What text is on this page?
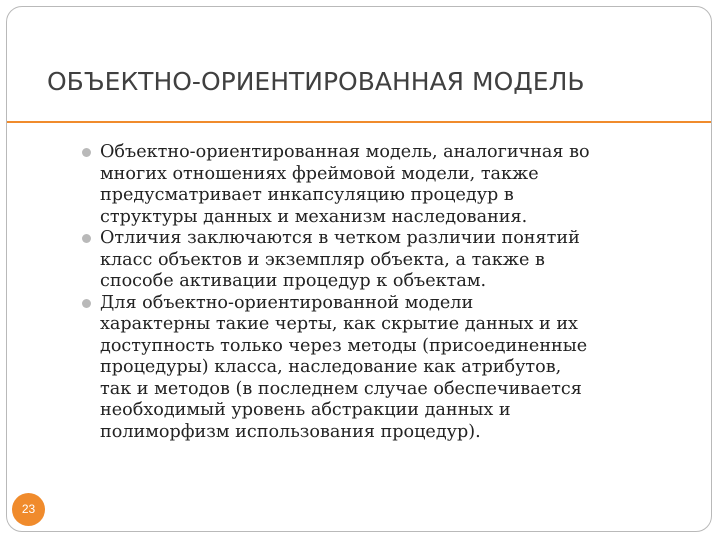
ОБЪЕКТНО-ОРИЕНТИРОВАННАЯ МОДЕЛЬ
Объектно-ориентированная модель, аналогичная во
многих отношениях фреймовой модели, также
предусматривает инкапсуляцию процедур в
структуры данных и механизм наследования.
Отличия заключаются в четком различии понятий
класс объектов и экземпляр объекта, а также в
способе активации процедур к объектам.
Для объектно-ориентированной модели
характерны такие черты, как скрытие данных и их
доступность только через методы (присоединенные
процедуры) класса, наследование как атрибутов,
так и методов (в последнем случае обеспечивается
необходимый уровень абстракции данных и
полиморфизм использования процедур).
23
